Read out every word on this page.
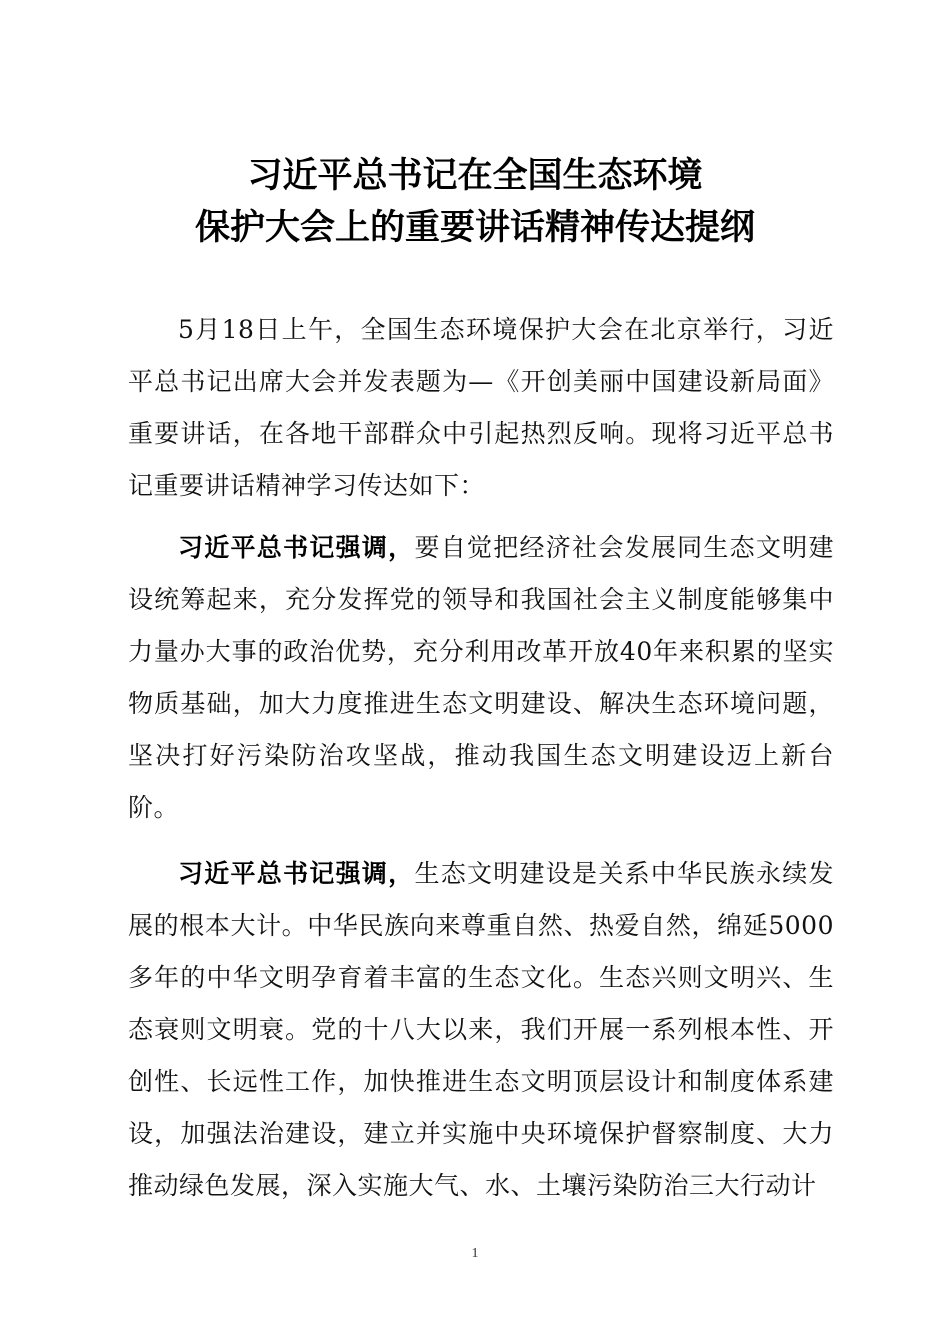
习近平总书记在全国生态环境
保护大会上的重要讲话精神传达提纲

5月18日上午，全国生态环境保护大会在北京举行，习近平总书记出席大会并发表题为—《开创美丽中国建设新局面》重要讲话，在各地干部群众中引起热烈反响。现将习近平总书记重要讲话精神学习传达如下：

习近平总书记强调，要自觉把经济社会发展同生态文明建设统筹起来，充分发挥党的领导和我国社会主义制度能够集中力量办大事的政治优势，充分利用改革开放40年来积累的坚实物质基础，加大力度推进生态文明建设、解决生态环境问题，坚决打好污染防治攻坚战，推动我国生态文明建设迈上新台阶。

习近平总书记强调，生态文明建设是关系中华民族永续发展的根本大计。中华民族向来尊重自然、热爱自然，绵延5000多年的中华文明孕育着丰富的生态文化。生态兴则文明兴、生态衰则文明衰。党的十八大以来，我们开展一系列根本性、开创性、长远性工作，加快推进生态文明顶层设计和制度体系建设，加强法治建设，建立并实施中央环境保护督察制度、大力推动绿色发展，深入实施大气、水、土壤污染防治三大行动计

1
